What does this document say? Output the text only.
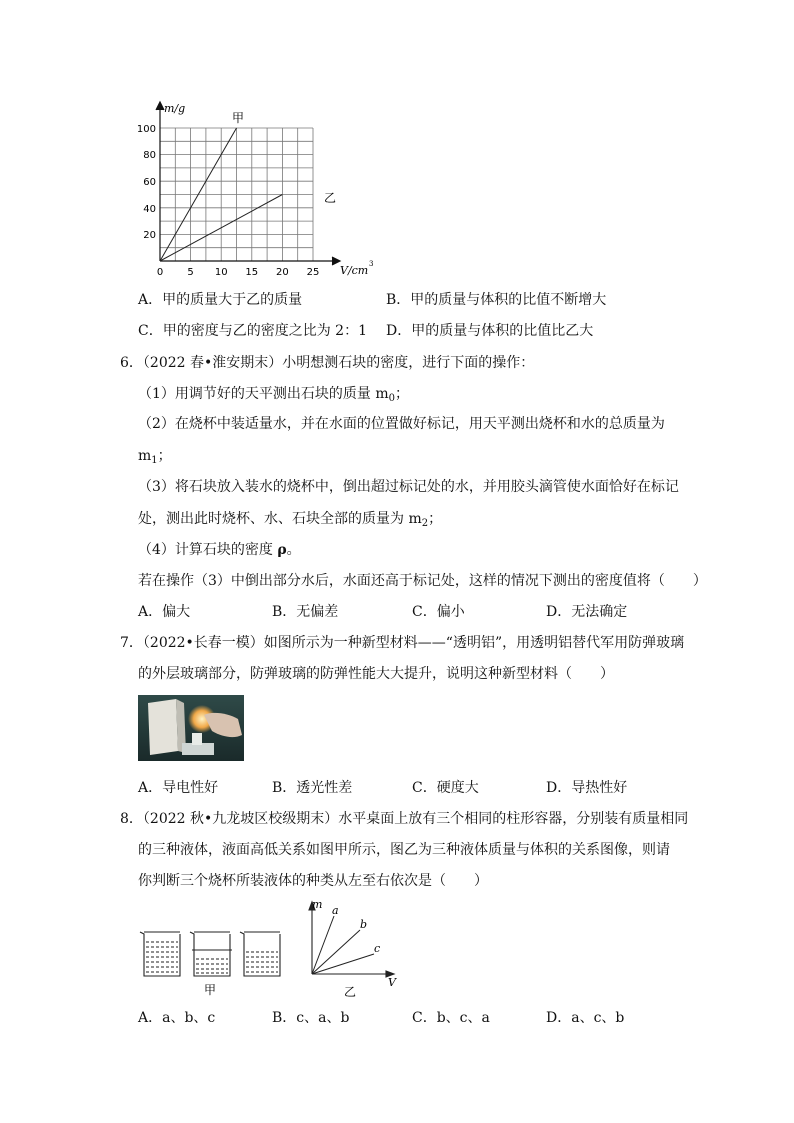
m/g
V/cm 3
100
80
60
40
20
0 5 10 15 20 25
甲
乙
A．甲的质量大于乙的质量	B．甲的质量与体积的比值不断增大
C．甲的密度与乙的密度之比为 2：1 D．甲的质量与体积的比值比乙大
6．（2022 春•淮安期末）小明想测石块的密度，进行下面的操作：
（1）用调节好的天平测出石块的质量 $m_0$；
（2）在烧杯中装适量水，并在水面的位置做好标记，用天平测出烧杯和水的总质量为
$m_1$；
（3）将石块放入装水的烧杯中，倒出超过标记处的水，并用胶头滴管使水面恰好在标记
处，测出此时烧杯、水、石块全部的质量为 $m_2$；
（4）计算石块的密度 ρ。
若在操作（3）中倒出部分水后，水面还高于标记处，这样的情况下测出的密度值将（　　）
A．偏大	B．无偏差	C．偏小	D．无法确定
7．（2022•长春一模）如图所示为一种新型材料——“透明铝”，用透明铝替代军用防弹玻璃
的外层玻璃部分，防弹玻璃的防弹性能大大提升，说明这种新型材料（　　）
A．导电性好	B．透光性差	C．硬度大	D．导热性好
8．（2022 秋•九龙坡区校级期末）水平桌面上放有三个相同的柱形容器，分别装有质量相同
的三种液体，液面高低关系如图甲所示，图乙为三种液体质量与体积的关系图像，则请
你判断三个烧杯所装液体的种类从左至右依次是（　　）
甲
m
V
a
b
c
乙
A．a、b、c	B．c、a、b	C．b、c、a	D．a、c、b
